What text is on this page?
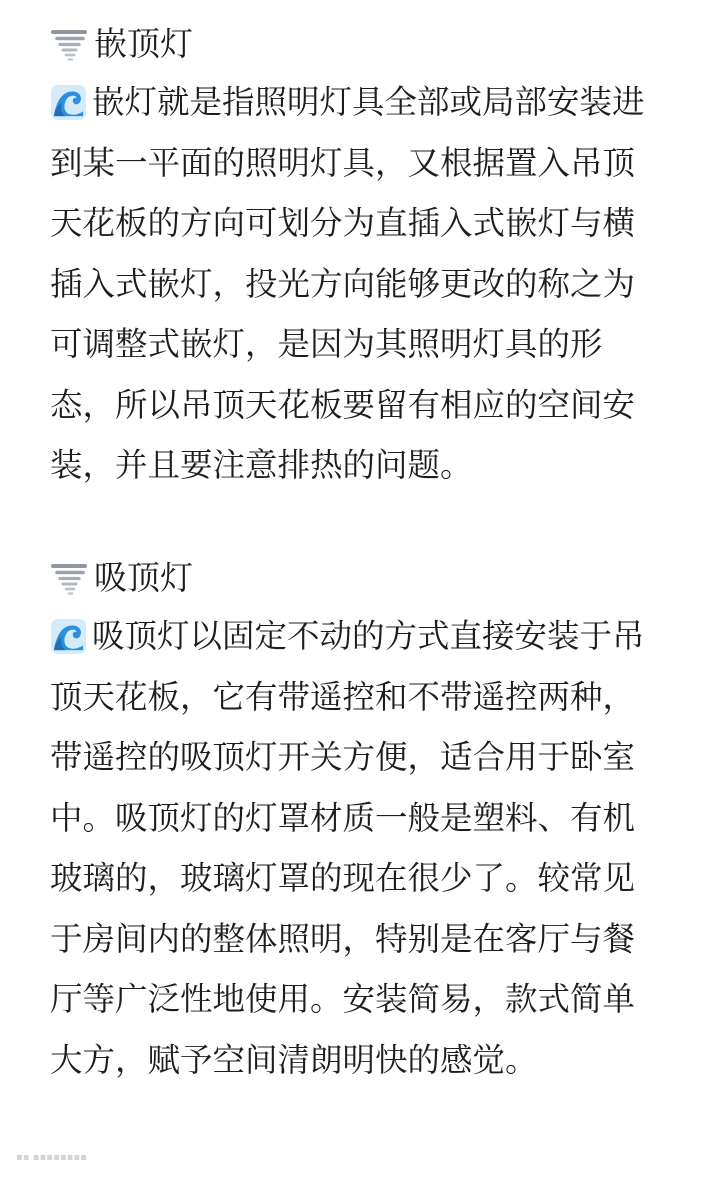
嵌顶灯

嵌灯就是指照明灯具全部或局部安装进到某一平面的照明灯具，又根据置入吊顶天花板的方向可划分为直插入式嵌灯与横插入式嵌灯，投光方向能够更改的称之为可调整式嵌灯，是因为其照明灯具的形态，所以吊顶天花板要留有相应的空间安装，并且要注意排热的问题。

吸顶灯

吸顶灯以固定不动的方式直接安装于吊顶天花板，它有带遥控和不带遥控两种，带遥控的吸顶灯开关方便，适合用于卧室中。吸顶灯的灯罩材质一般是塑料、有机玻璃的，玻璃灯罩的现在很少了。较常见于房间内的整体照明，特别是在客厅与餐厅等广泛性地使用。安装简易，款式简单大方，赋予空间清朗明快的感觉。

▪▪ ▪▪▪▪▪▪▪▪
